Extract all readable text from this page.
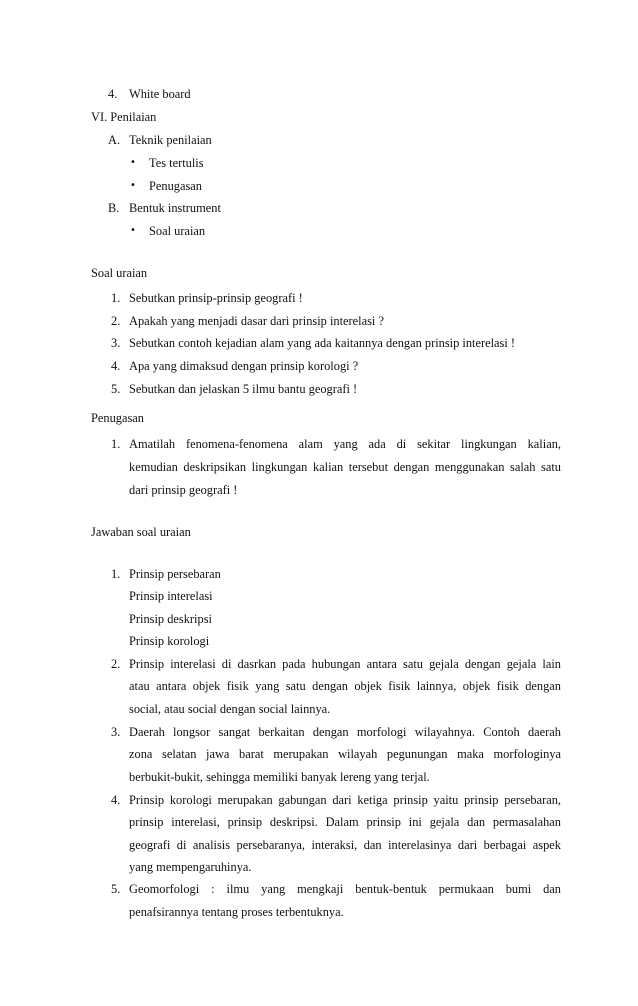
4. White board
VI. Penilaian
A. Teknik penilaian
• Tes tertulis
• Penugasan
B. Bentuk instrument
• Soal uraian
Soal uraian
1. Sebutkan prinsip-prinsip geografi !
2. Apakah yang menjadi dasar dari prinsip interelasi ?
3. Sebutkan contoh kejadian alam yang ada kaitannya dengan prinsip interelasi !
4. Apa yang dimaksud dengan prinsip korologi ?
5. Sebutkan dan jelaskan 5 ilmu bantu geografi !
Penugasan
1. Amatilah fenomena-fenomena alam yang ada di sekitar lingkungan kalian,
kemudian deskripsikan lingkungan kalian tersebut dengan menggunakan salah satu
dari prinsip geografi !
Jawaban soal uraian
1. Prinsip persebaran
Prinsip interelasi
Prinsip deskripsi
Prinsip korologi
2. Prinsip interelasi di dasrkan pada hubungan antara satu gejala dengan gejala lain
atau antara objek fisik yang satu dengan objek fisik lainnya, objek fisik dengan
social, atau social dengan social lainnya.
3. Daerah longsor sangat berkaitan dengan morfologi wilayahnya. Contoh daerah
zona selatan jawa barat merupakan wilayah pegunungan maka morfologinya
berbukit-bukit, sehingga memiliki banyak lereng yang terjal.
4. Prinsip korologi merupakan gabungan dari ketiga prinsip yaitu prinsip persebaran,
prinsip interelasi, prinsip deskripsi. Dalam prinsip ini gejala dan permasalahan
geografi di analisis persebaranya, interaksi, dan interelasinya dari berbagai aspek
yang mempengaruhinya.
5. Geomorfologi : ilmu yang mengkaji bentuk-bentuk permukaan bumi dan
penafsirannya tentang proses terbentuknya.
